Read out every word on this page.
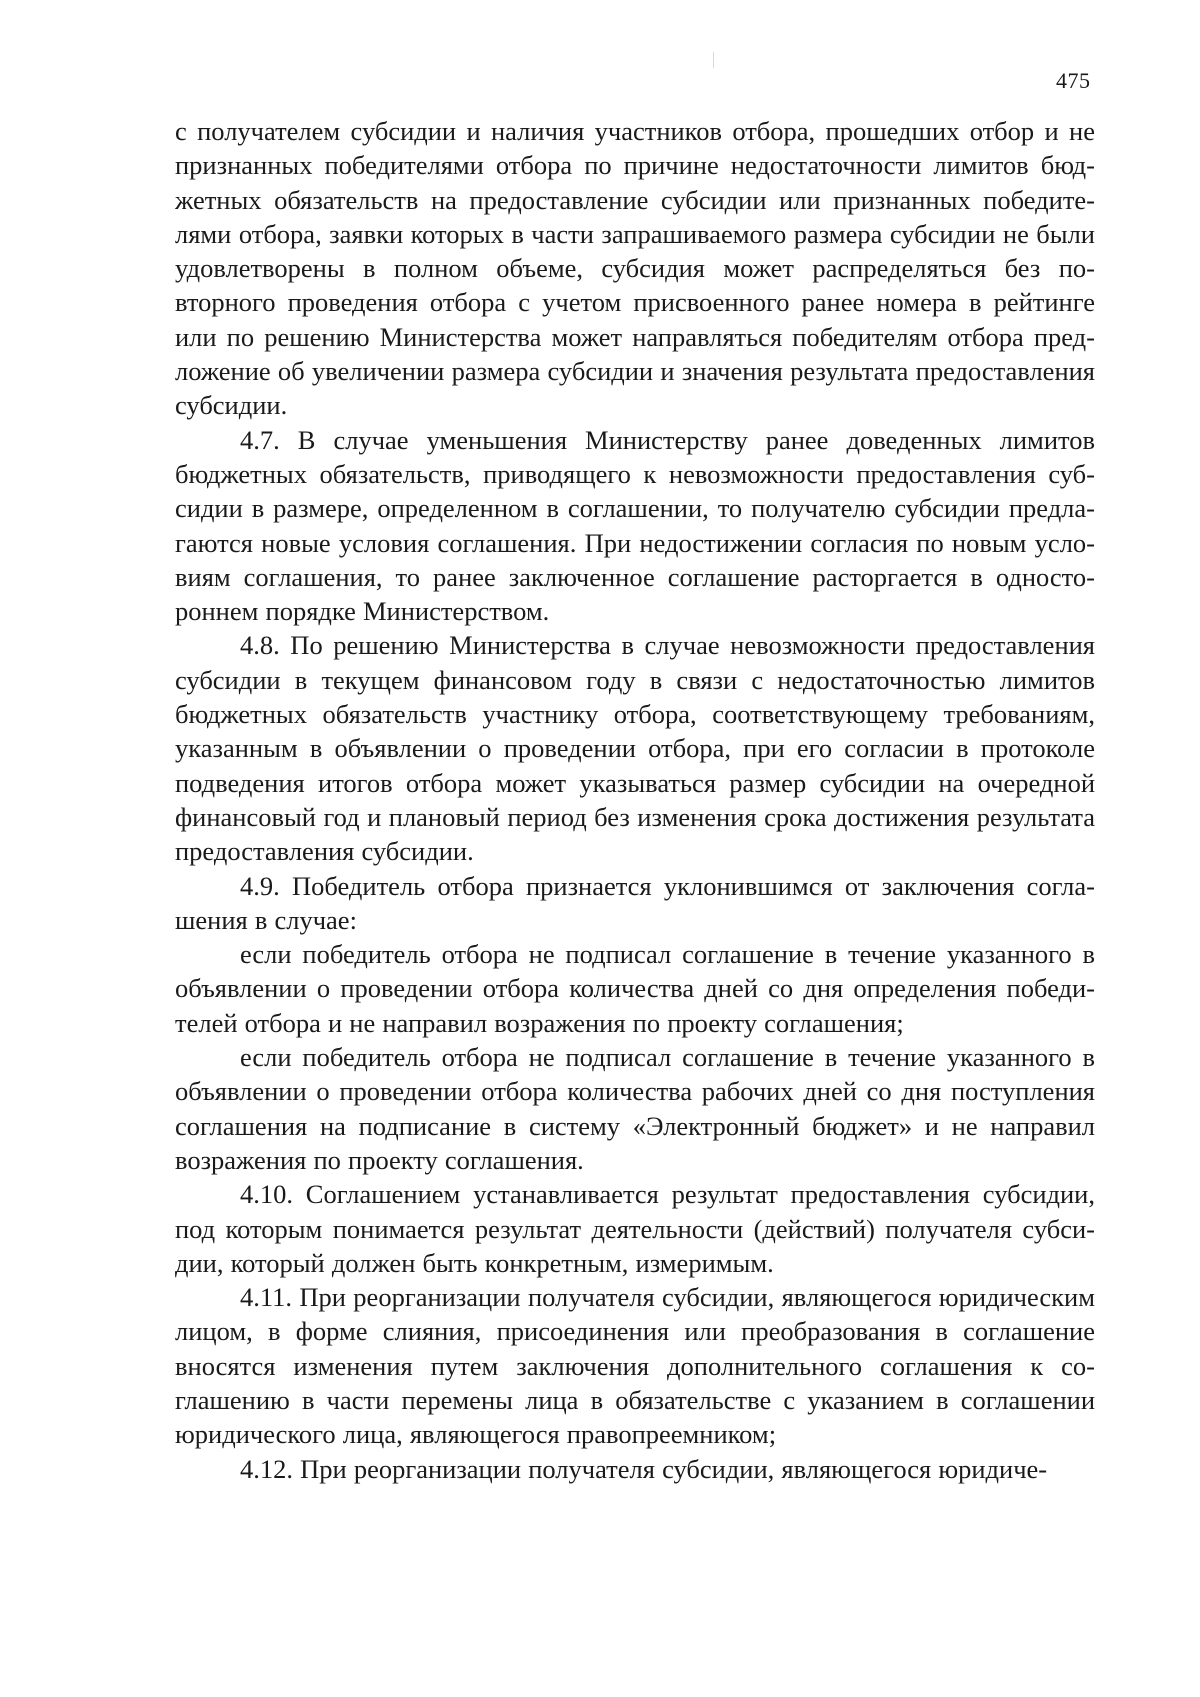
475

с получателем субсидии и наличия участников отбора, прошедших отбор и не признанных победителями отбора по причине недостаточности лимитов бюджетных обязательств на предоставление субсидии или признанных победителями отбора, заявки которых в части запрашиваемого размера субсидии не были удовлетворены в полном объеме, субсидия может распределяться без повторного проведения отбора с учетом присвоенного ранее номера в рейтинге или по решению Министерства может направляться победителям отбора предложение об увеличении размера субсидии и значения результата предоставления субсидии.

4.7. В случае уменьшения Министерству ранее доведенных лимитов бюджетных обязательств, приводящего к невозможности предоставления субсидии в размере, определенном в соглашении, то получателю субсидии предлагаются новые условия соглашения. При недостижении согласия по новым условиям соглашения, то ранее заключенное соглашение расторгается в одностороннем порядке Министерством.

4.8. По решению Министерства в случае невозможности предоставления субсидии в текущем финансовом году в связи с недостаточностью лимитов бюджетных обязательств участнику отбора, соответствующему требованиям, указанным в объявлении о проведении отбора, при его согласии в протоколе подведения итогов отбора может указываться размер субсидии на очередной финансовый год и плановый период без изменения срока достижения результата предоставления субсидии.

4.9. Победитель отбора признается уклонившимся от заключения соглашения в случае:

если победитель отбора не подписал соглашение в течение указанного в объявлении о проведении отбора количества дней со дня определения победителей отбора и не направил возражения по проекту соглашения;

если победитель отбора не подписал соглашение в течение указанного в объявлении о проведении отбора количества рабочих дней со дня поступления соглашения на подписание в систему «Электронный бюджет» и не направил возражения по проекту соглашения.

4.10. Соглашением устанавливается результат предоставления субсидии, под которым понимается результат деятельности (действий) получателя субсидии, который должен быть конкретным, измеримым.

4.11. При реорганизации получателя субсидии, являющегося юридическим лицом, в форме слияния, присоединения или преобразования в соглашение вносятся изменения путем заключения дополнительного соглашения к соглашению в части перемены лица в обязательстве с указанием в соглашении юридического лица, являющегося правопреемником;

4.12. При реорганизации получателя субсидии, являющегося юридиче-
